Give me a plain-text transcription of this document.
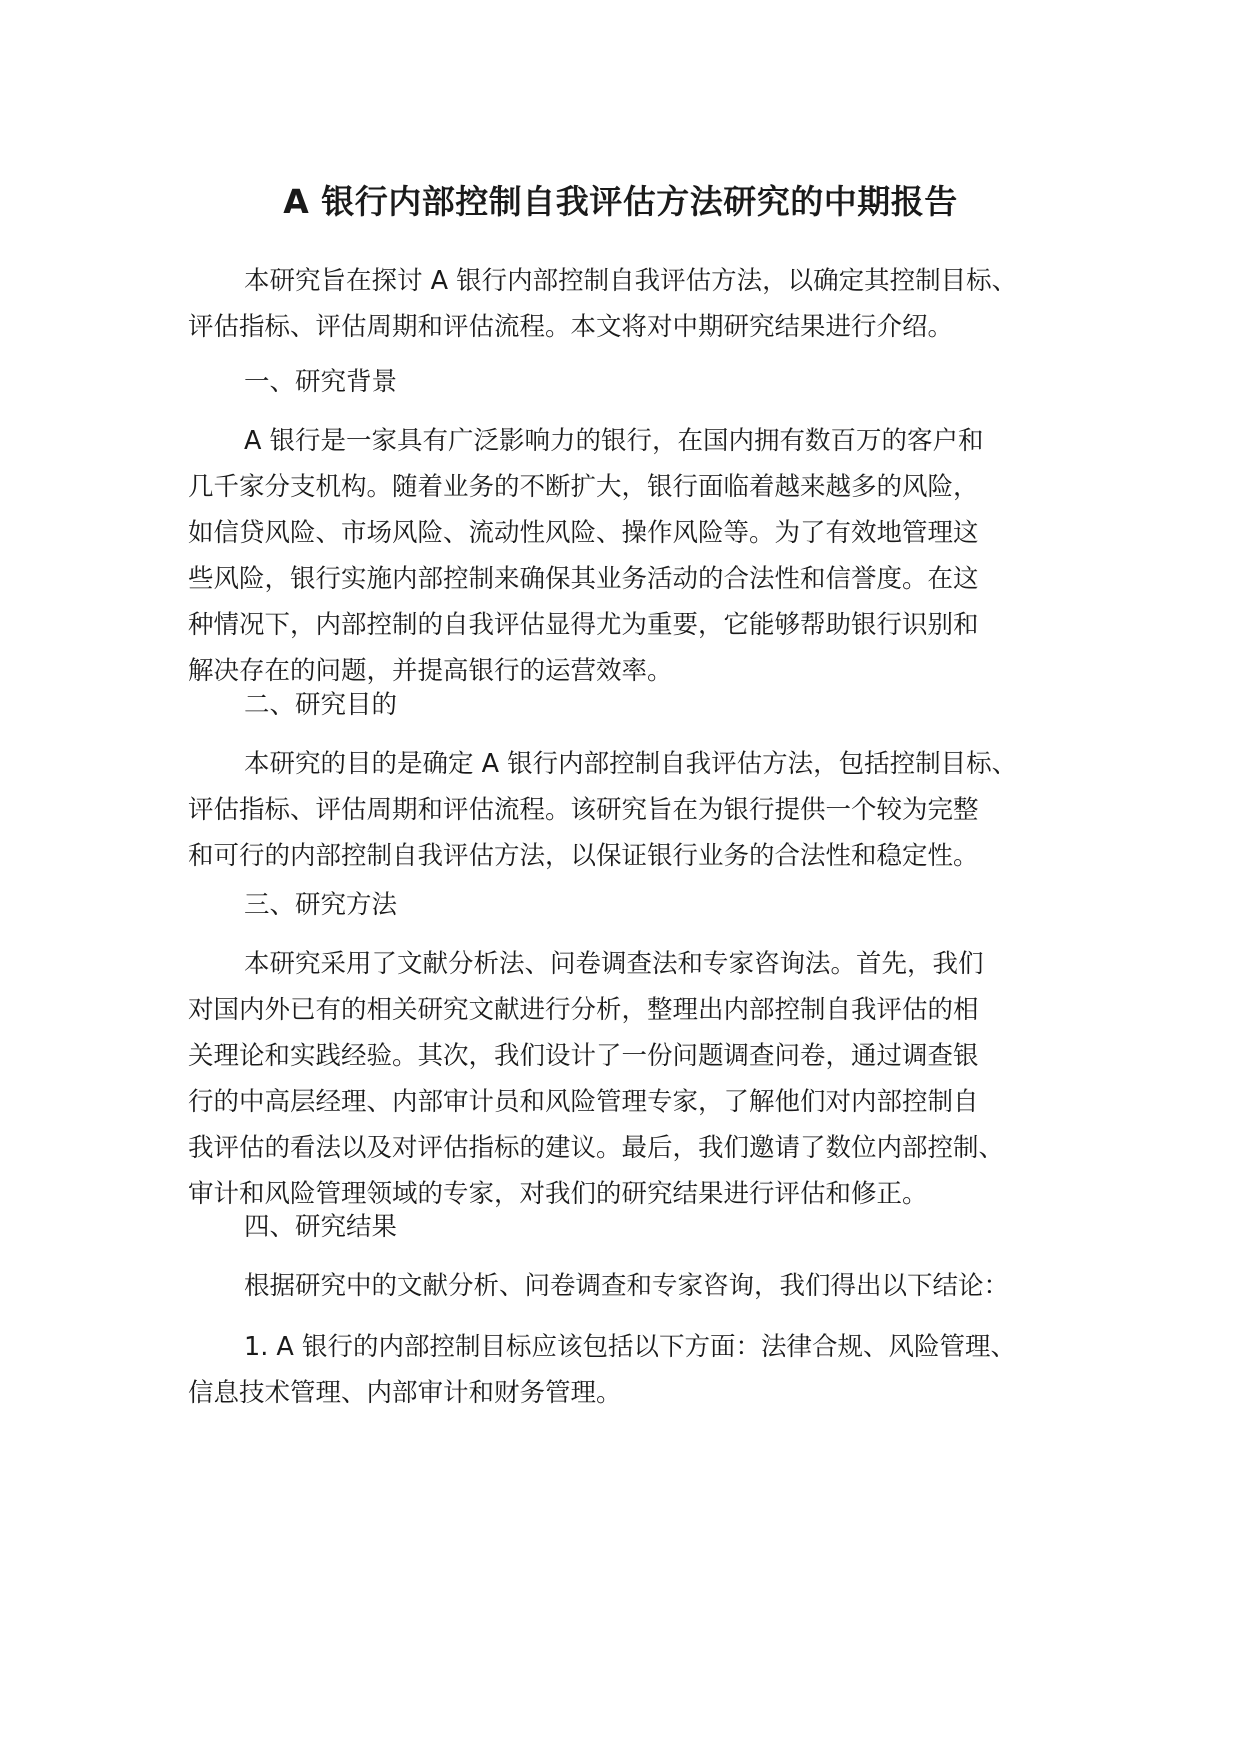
A 银行内部控制自我评估方法研究的中期报告

本研究旨在探讨 A 银行内部控制自我评估方法，以确定其控制目标、
评估指标、评估周期和评估流程。本文将对中期研究结果进行介绍。

一、研究背景

A 银行是一家具有广泛影响力的银行，在国内拥有数百万的客户和
几千家分支机构。随着业务的不断扩大，银行面临着越来越多的风险，
如信贷风险、市场风险、流动性风险、操作风险等。为了有效地管理这
些风险，银行实施内部控制来确保其业务活动的合法性和信誉度。在这
种情况下，内部控制的自我评估显得尤为重要，它能够帮助银行识别和
解决存在的问题，并提高银行的运营效率。

二、研究目的

本研究的目的是确定 A 银行内部控制自我评估方法，包括控制目标、
评估指标、评估周期和评估流程。该研究旨在为银行提供一个较为完整
和可行的内部控制自我评估方法，以保证银行业务的合法性和稳定性。

三、研究方法

本研究采用了文献分析法、问卷调查法和专家咨询法。首先，我们
对国内外已有的相关研究文献进行分析，整理出内部控制自我评估的相
关理论和实践经验。其次，我们设计了一份问题调查问卷，通过调查银
行的中高层经理、内部审计员和风险管理专家，了解他们对内部控制自
我评估的看法以及对评估指标的建议。最后，我们邀请了数位内部控制、
审计和风险管理领域的专家，对我们的研究结果进行评估和修正。

四、研究结果

根据研究中的文献分析、问卷调查和专家咨询，我们得出以下结论：

1. A 银行的内部控制目标应该包括以下方面：法律合规、风险管理、
信息技术管理、内部审计和财务管理。
